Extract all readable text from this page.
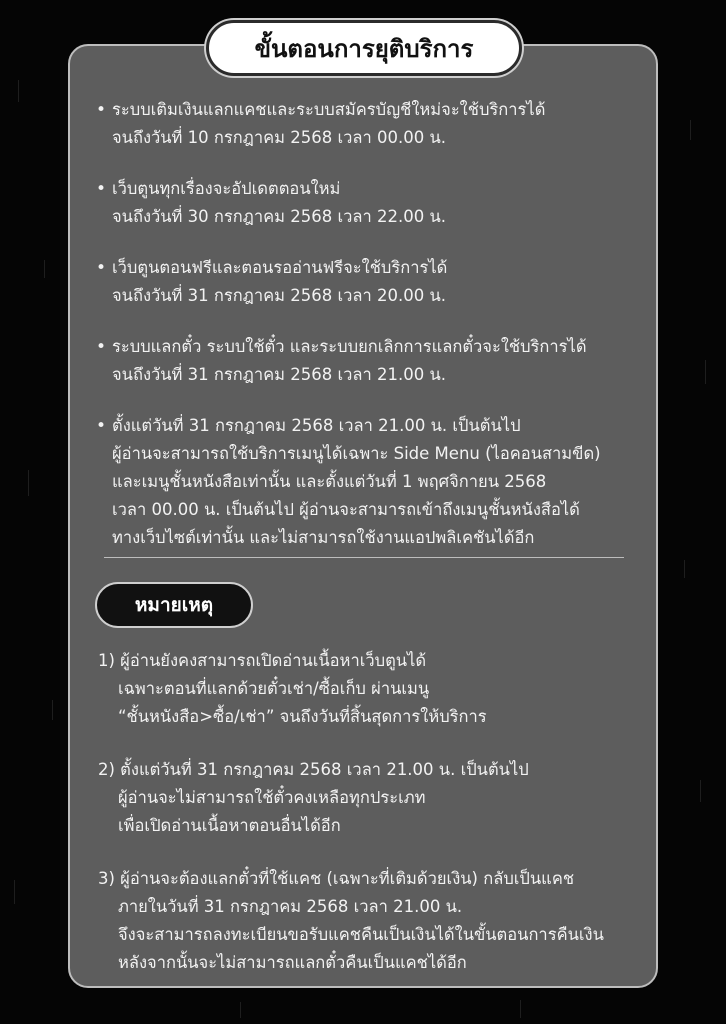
ขั้นตอนการยุติบริการ
• ระบบเติมเงินแลกแคชและระบบสมัครบัญชีใหม่จะใช้บริการได้
จนถึงวันที่ 10 กรกฎาคม 2568 เวลา 00.00 น.
• เว็บตูนทุกเรื่องจะอัปเดตตอนใหม่
จนถึงวันที่ 30 กรกฎาคม 2568 เวลา 22.00 น.
• เว็บตูนตอนฟรีและตอนรออ่านฟรีจะใช้บริการได้
จนถึงวันที่ 31 กรกฎาคม 2568 เวลา 20.00 น.
• ระบบแลกตั๋ว ระบบใช้ตั๋ว และระบบยกเลิกการแลกตั๋วจะใช้บริการได้
จนถึงวันที่ 31 กรกฎาคม 2568 เวลา 21.00 น.
• ตั้งแต่วันที่ 31 กรกฎาคม 2568 เวลา 21.00 น. เป็นต้นไป
ผู้อ่านจะสามารถใช้บริการเมนูได้เฉพาะ Side Menu (ไอคอนสามขีด)
และเมนูชั้นหนังสือเท่านั้น และตั้งแต่วันที่ 1 พฤศจิกายน 2568
เวลา 00.00 น. เป็นต้นไป ผู้อ่านจะสามารถเข้าถึงเมนูชั้นหนังสือได้
ทางเว็บไซต์เท่านั้น และไม่สามารถใช้งานแอปพลิเคชันได้อีก
หมายเหตุ
1) ผู้อ่านยังคงสามารถเปิดอ่านเนื้อหาเว็บตูนได้
เฉพาะตอนที่แลกด้วยตั๋วเช่า/ซื้อเก็บ ผ่านเมนู
“ชั้นหนังสือ>ซื้อ/เช่า” จนถึงวันที่สิ้นสุดการให้บริการ
2) ตั้งแต่วันที่ 31 กรกฎาคม 2568 เวลา 21.00 น. เป็นต้นไป
ผู้อ่านจะไม่สามารถใช้ตั๋วคงเหลือทุกประเภท
เพื่อเปิดอ่านเนื้อหาตอนอื่นได้อีก
3) ผู้อ่านจะต้องแลกตั๋วที่ใช้แคช (เฉพาะที่เติมด้วยเงิน) กลับเป็นแคช
ภายในวันที่ 31 กรกฎาคม 2568 เวลา 21.00 น.
จึงจะสามารถลงทะเบียนขอรับแคชคืนเป็นเงินได้ในขั้นตอนการคืนเงิน
หลังจากนั้นจะไม่สามารถแลกตั๋วคืนเป็นแคชได้อีก
